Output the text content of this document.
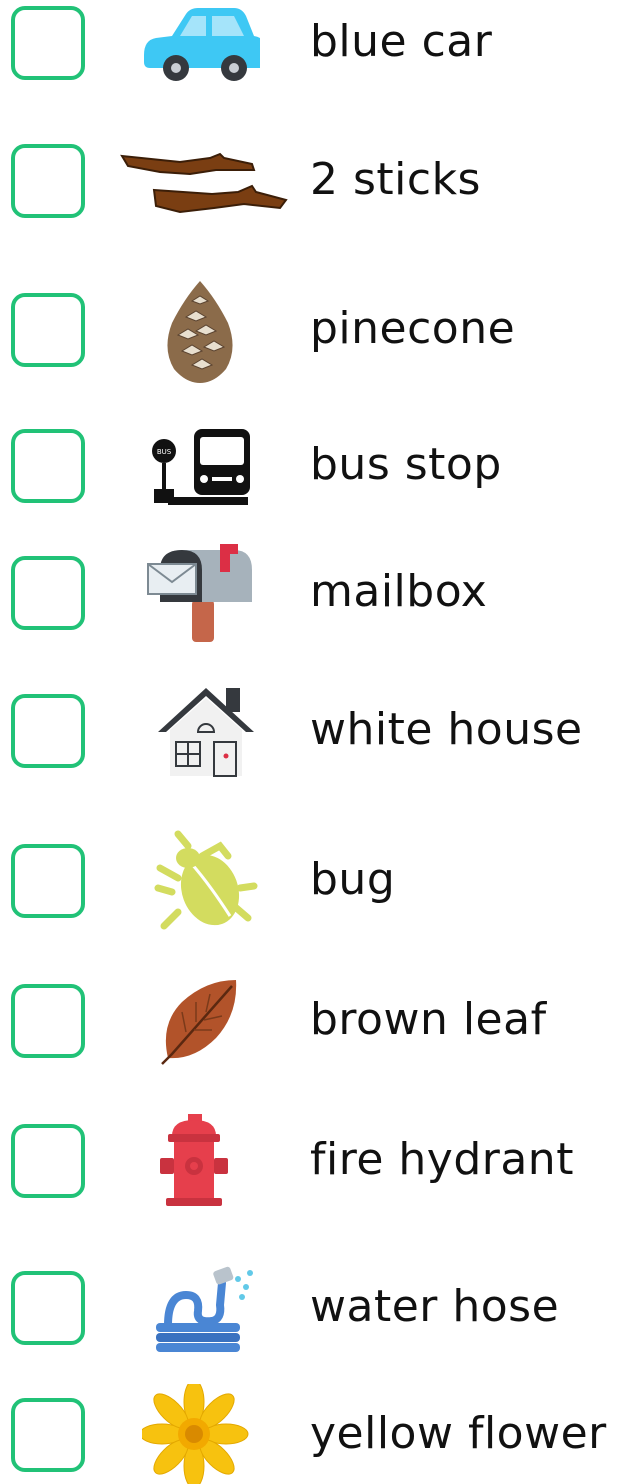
blue car
2 sticks
pinecone
BUS	bus stop
mailbox
white house
bug
brown leaf
fire hydrant
water hose
yellow flower
